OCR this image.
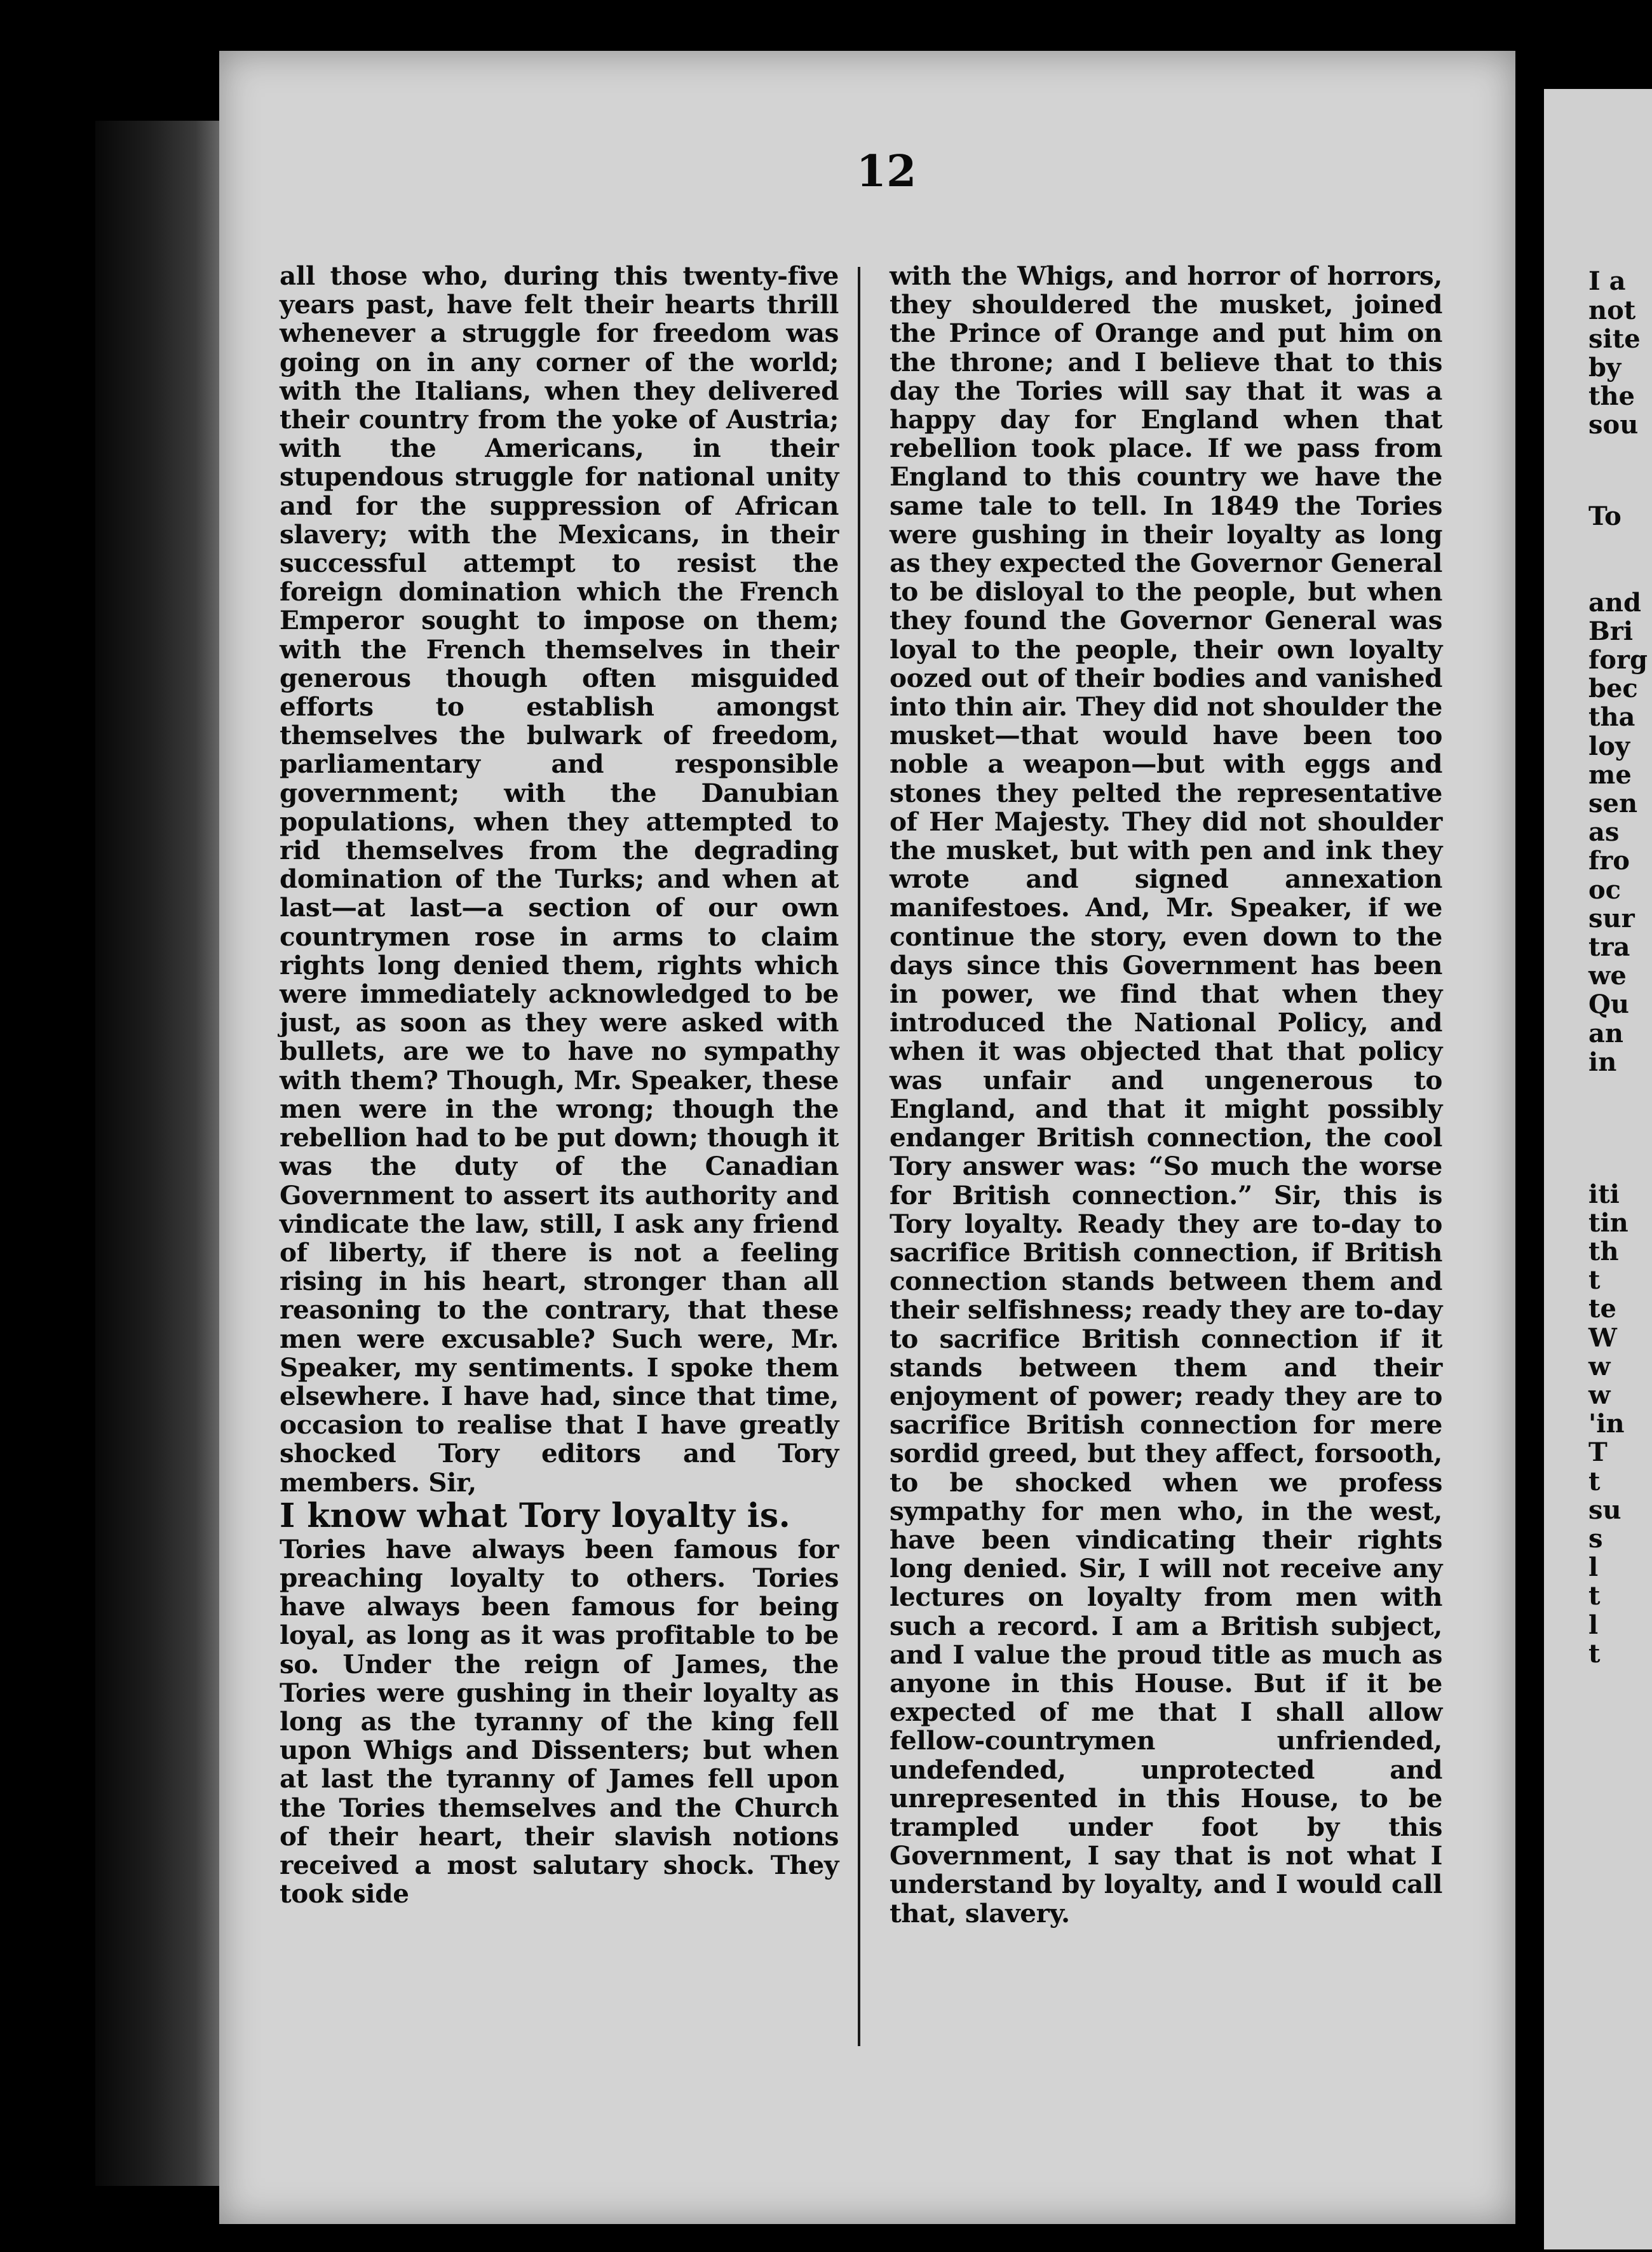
12

all those who, during this twenty-five years past, have felt their hearts thrill whenever a struggle for freedom was going on in any corner of the world; with the Italians, when they delivered their country from the yoke of Austria; with the Americans, in their stupendous struggle for national unity and for the suppression of African slavery; with the Mexicans, in their successful attempt to resist the foreign domination which the French Emperor sought to impose on them; with the French themselves in their generous though often misguided efforts to establish amongst themselves the bulwark of freedom, parliamentary and responsible government; with the Danubian populations, when they attempted to rid themselves from the degrading domination of the Turks; and when at last—at last—a section of our own countrymen rose in arms to claim rights long denied them, rights which were immediately acknowledged to be just, as soon as they were asked with bullets, are we to have no sympathy with them? Though, Mr. Speaker, these men were in the wrong; though the rebellion had to be put down; though it was the duty of the Canadian Government to assert its authority and vindicate the law, still, I ask any friend of liberty, if there is not a feeling rising in his heart, stronger than all reasoning to the contrary, that these men were excusable? Such were, Mr. Speaker, my sentiments. I spoke them elsewhere. I have had, since that time, occasion to realise that I have greatly shocked Tory editors and Tory members. Sir,

I know what Tory loyalty is.

Tories have always been famous for preaching loyalty to others. Tories have always been famous for being loyal, as long as it was profitable to be so. Under the reign of James, the Tories were gushing in their loyalty as long as the tyranny of the king fell upon Whigs and Dissenters; but when at last the tyranny of James fell upon the Tories themselves and the Church of their heart, their slavish notions received a most salutary shock. They took side

with the Whigs, and horror of horrors, they shouldered the musket, joined the Prince of Orange and put him on the throne; and I believe that to this day the Tories will say that it was a happy day for England when that rebellion took place. If we pass from England to this country we have the same tale to tell. In 1849 the Tories were gushing in their loyalty as long as they expected the Governor General to be disloyal to the people, but when they found the Governor General was loyal to the people, their own loyalty oozed out of their bodies and vanished into thin air. They did not shoulder the musket—that would have been too noble a weapon—but with eggs and stones they pelted the representative of Her Majesty. They did not shoulder the musket, but with pen and ink they wrote and signed annexation manifestoes. And, Mr. Speaker, if we continue the story, even down to the days since this Government has been in power, we find that when they introduced the National Policy, and when it was objected that that policy was unfair and ungenerous to England, and that it might possibly endanger British connection, the cool Tory answer was: “So much the worse for British connection.” Sir, this is Tory loyalty. Ready they are to-day to sacrifice British connection, if British connection stands between them and their selfishness; ready they are to-day to sacrifice British connection if it stands between them and their enjoyment of power; ready they are to sacrifice British connection for mere sordid greed, but they affect, forsooth, to be shocked when we profess sympathy for men who, in the west, have been vindicating their rights long denied. Sir, I will not receive any lectures on loyalty from men with such a record. I am a British subject, and I value the proud title as much as anyone in this House. But if it be expected of me that I shall allow fellow-countrymen unfriended, undefended, unprotected and unrepresented in this House, to be trampled under foot by this Government, I say that is not what I understand by loyalty, and I would call that, slavery.

I a
not
site
by
the
sou

To

and
Bri
forg
bec
tha
loy
me
sen
as
fro
oc
sur
tra
we
Qu
an
in

iti
tin
th
t
te
W
w
w
'in
T
t
su
s
l
t
l
t
